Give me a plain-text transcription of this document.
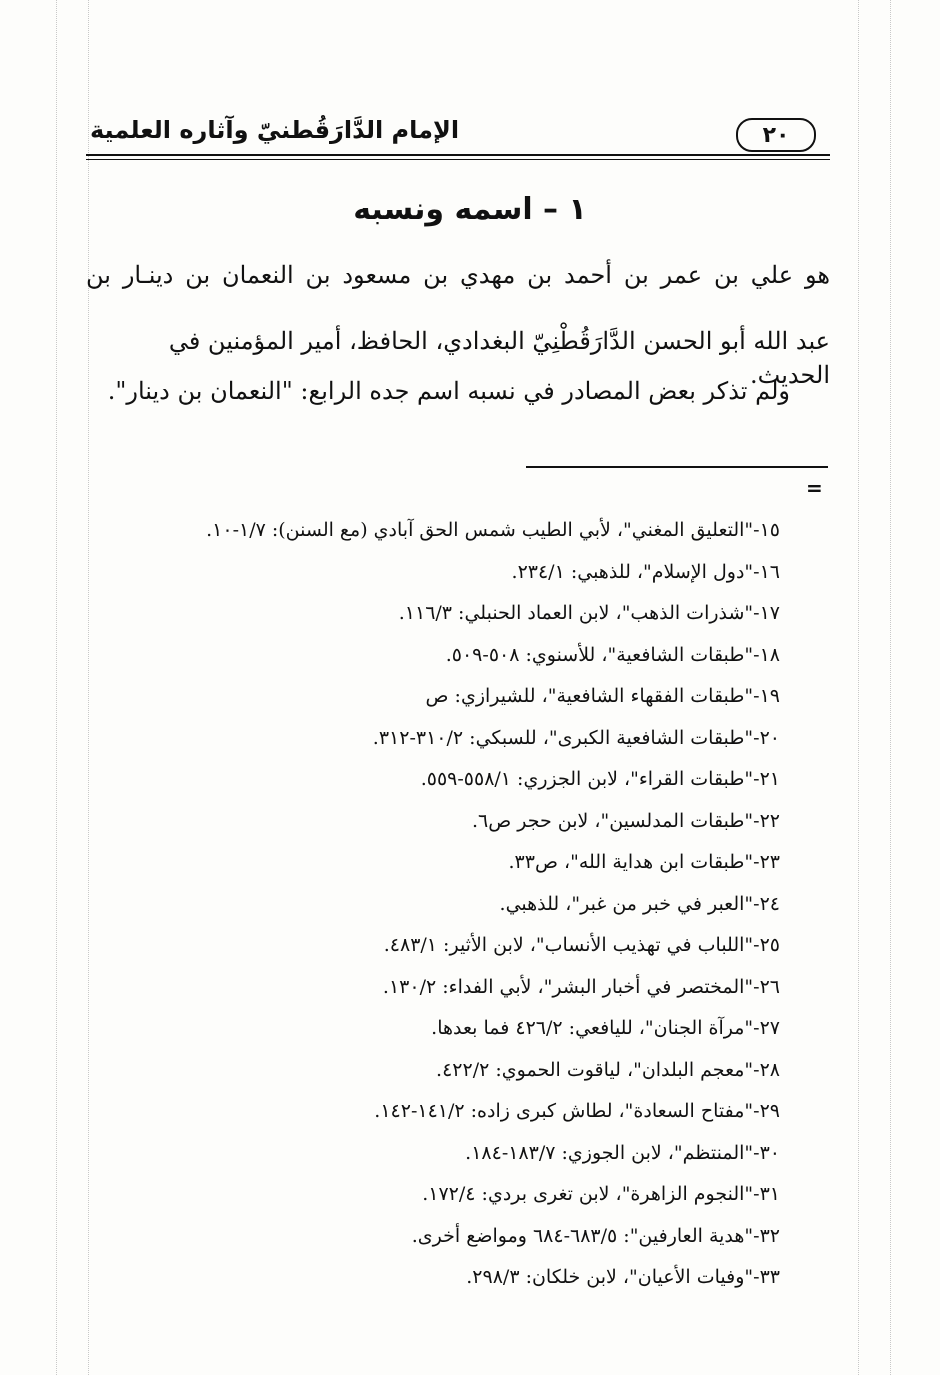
٢٠
الإمام الدَّارَقُطنيّ وآثاره العلمية
١ – اسمه ونسبه
هو علي بن عمر بن أحمد بن مهدي بن مسعود بن النعمان بن دينـار بن
عبد الله أبو الحسن الدَّارَقُطْنِيّ البغدادي، الحافظ، أمير المؤمنين في الحديث.
ولم تذكر بعض المصادر في نسبه اسم جده الرابع: "النعمان بن دينار".
=
١٥-"التعليق المغني"، لأبي الطيب شمس الحق آبادي (مع السنن): ١/٧-١٠.
١٦-"دول الإسلام"، للذهبي: ٢٣٤/١.
١٧-"شذرات الذهب"، لابن العماد الحنبلي: ١١٦/٣.
١٨-"طبقات الشافعية"، للأسنوي: ٥٠٨-٥٠٩.
١٩-"طبقات الفقهاء الشافعية"، للشيرازي: ص
٢٠-"طبقات الشافعية الكبرى"، للسبكي: ٣١٠/٢-٣١٢.
٢١-"طبقات القراء"، لابن الجزري: ٥٥٨/١-٥٥٩.
٢٢-"طبقات المدلسين"، لابن حجر ص٦.
٢٣-"طبقات ابن هداية الله"، ص٣٣.
٢٤-"العبر في خبر من غبر"، للذهبي.
٢٥-"اللباب في تهذيب الأنساب"، لابن الأثير: ٤٨٣/١.
٢٦-"المختصر في أخبار البشر"، لأبي الفداء: ١٣٠/٢.
٢٧-"مرآة الجنان"، لليافعي: ٤٢٦/٢ فما بعدها.
٢٨-"معجم البلدان"، لياقوت الحموي: ٤٢٢/٢.
٢٩-"مفتاح السعادة"، لطاش كبرى زاده: ١٤١/٢-١٤٢.
٣٠-"المنتظم"، لابن الجوزي: ١٨٣/٧-١٨٤.
٣١-"النجوم الزاهرة"، لابن تغرى بردي: ١٧٢/٤.
٣٢-"هدية العارفين": ٦٨٣/٥-٦٨٤ ومواضع أخرى.
٣٣-"وفيات الأعيان"، لابن خلكان: ٢٩٨/٣.
